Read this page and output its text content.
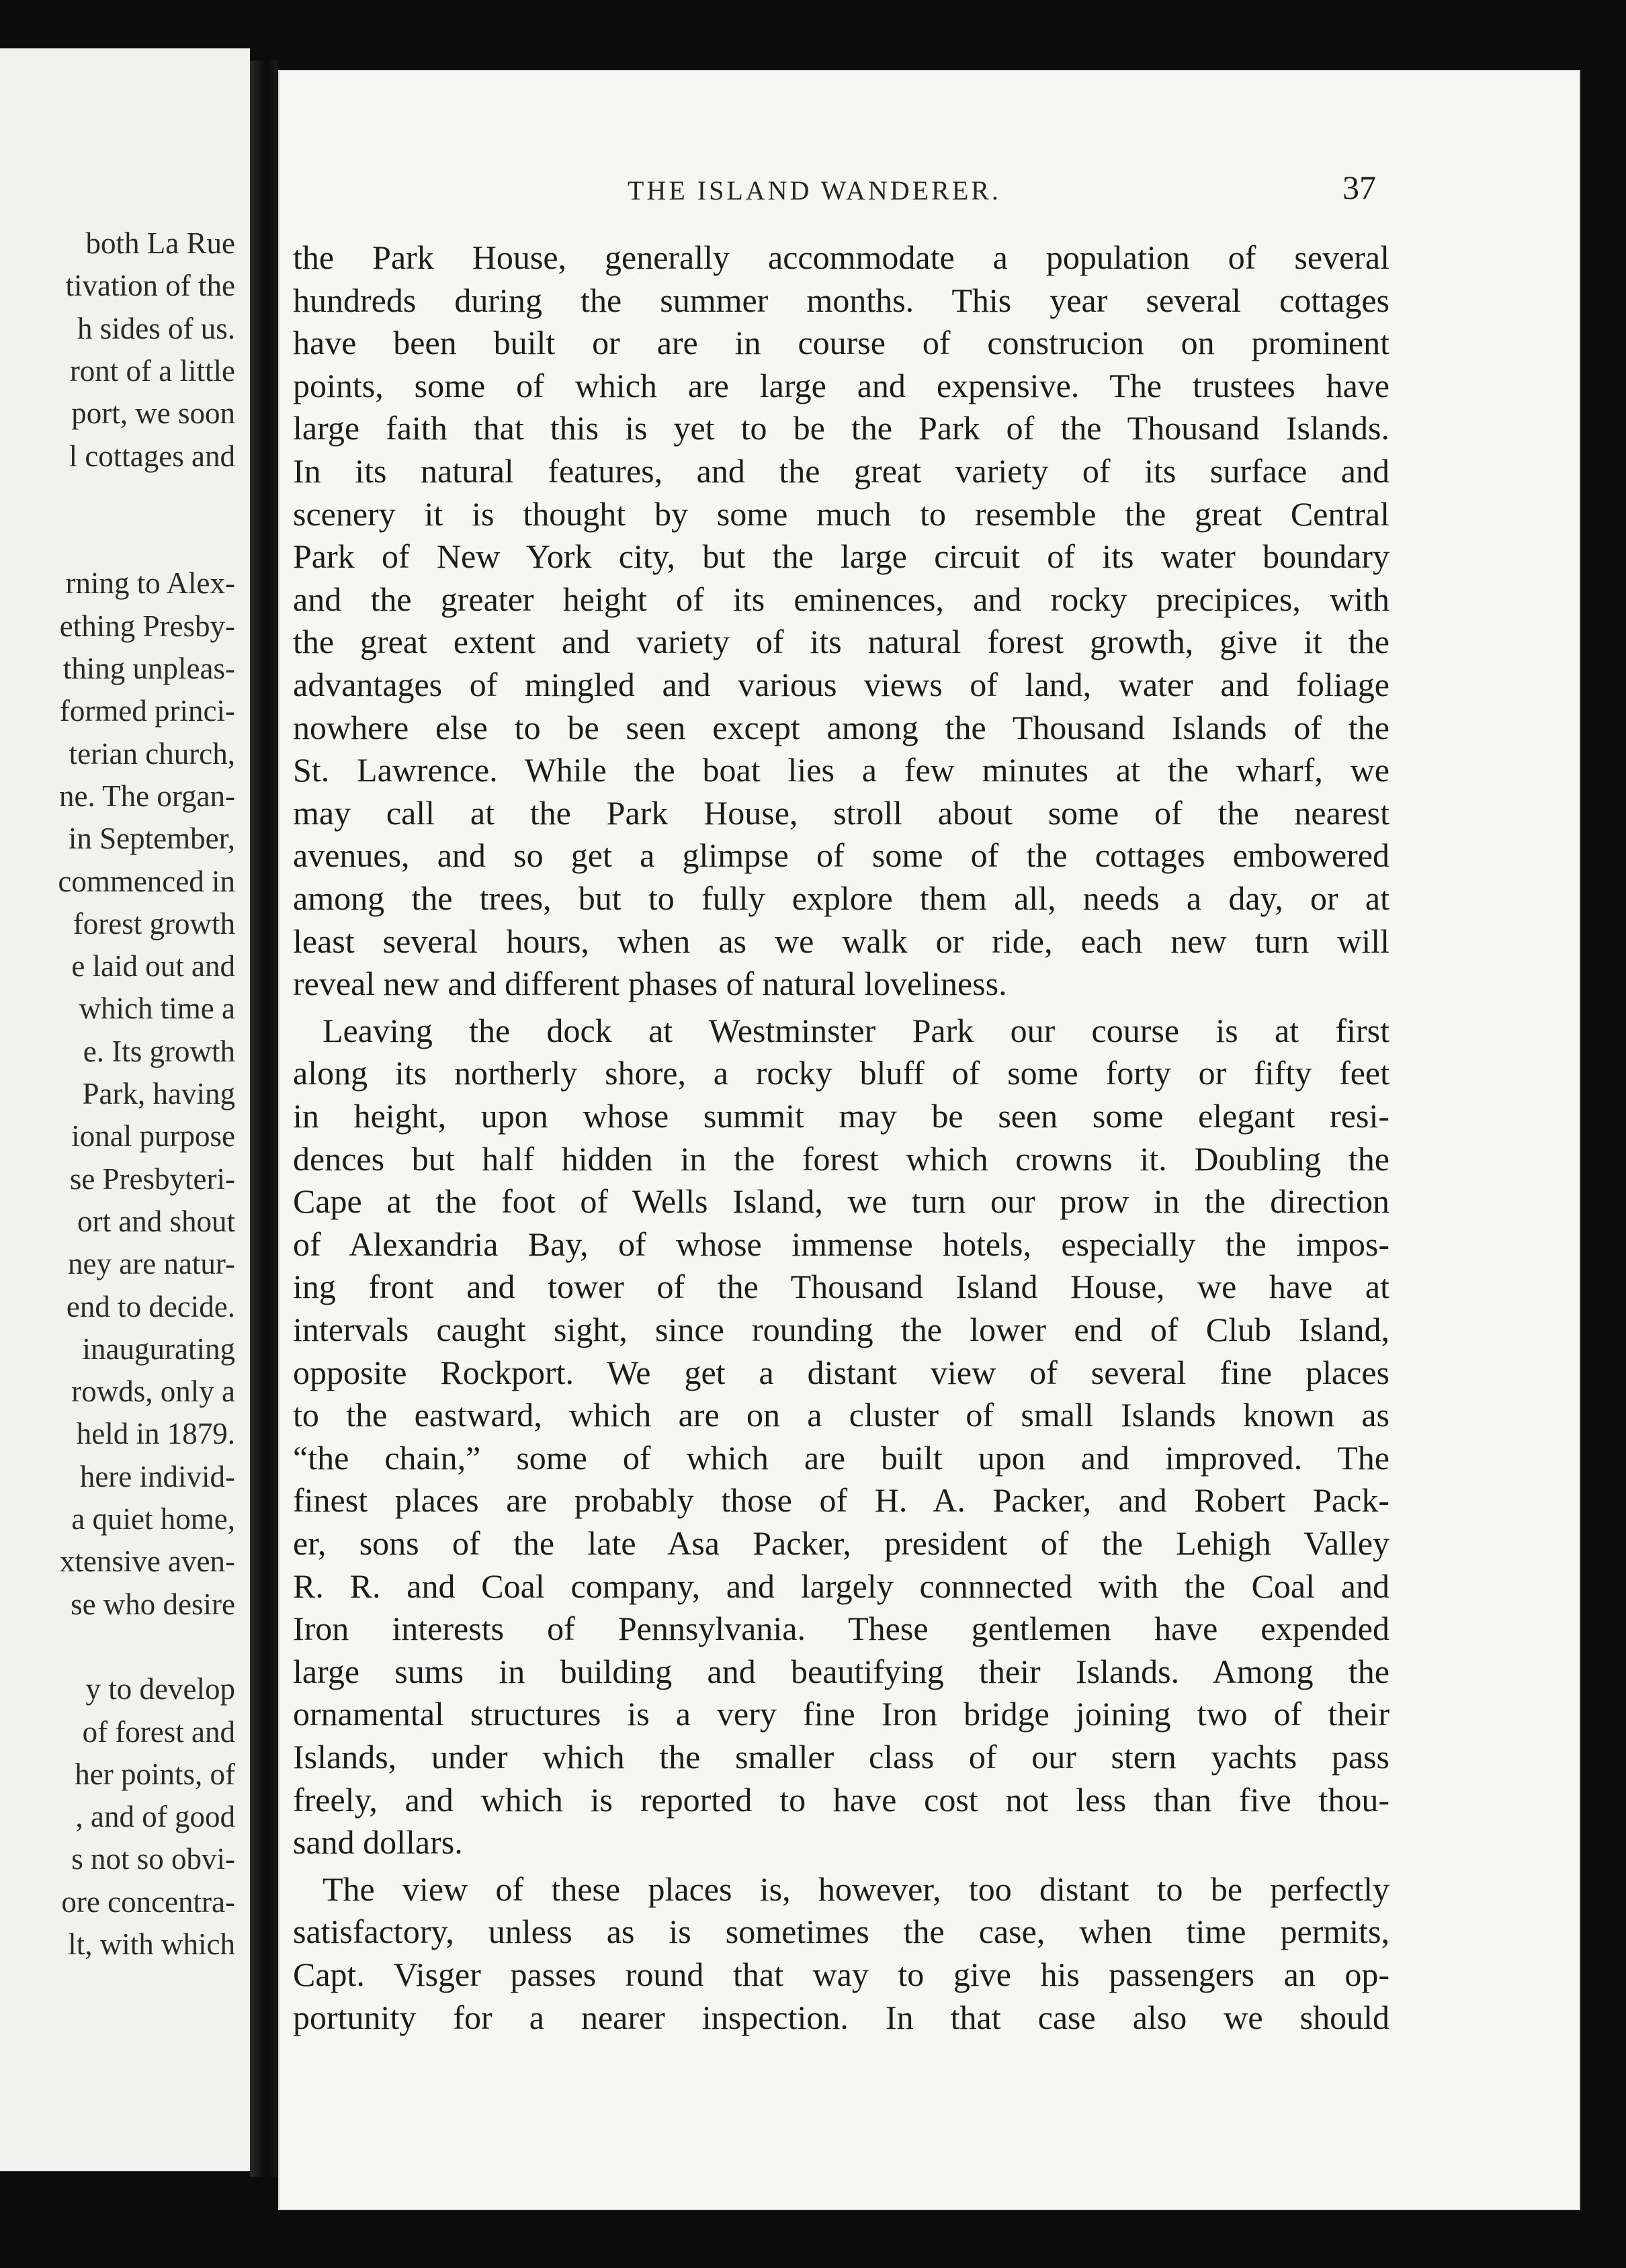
both La Rue
tivation of the
h sides of us.
ront of a little
port, we soon
l cottages and
rning to Alex-
ething Presby-
thing unpleas-
formed princi-
terian church,
ne. The organ-
in September,
commenced in
forest growth
e laid out and
which time a
e. Its growth
Park, having
ional purpose
se Presbyteri-
ort and shout
ney are natur-
end to decide.
inaugurating
rowds, only a
held in 1879.
here individ-
a quiet home,
xtensive aven-
se who desire
y to develop
of forest and
her points, of
, and of good
s not so obvi-
ore concentra-
lt, with which
THE ISLAND WANDERER.	37
the Park House, generally accommodate a population of several
hundreds during the summer months. This year several cottages
have been built or are in course of construcion on prominent
points, some of which are large and expensive. The trustees have
large faith that this is yet to be the Park of the Thousand Islands.
In its natural features, and the great variety of its surface and
scenery it is thought by some much to resemble the great Central
Park of New York city, but the large circuit of its water boundary
and the greater height of its eminences, and rocky precipices, with
the great extent and variety of its natural forest growth, give it the
advantages of mingled and various views of land, water and foliage
nowhere else to be seen except among the Thousand Islands of the
St. Lawrence. While the boat lies a few minutes at the wharf, we
may call at the Park House, stroll about some of the nearest
avenues, and so get a glimpse of some of the cottages embowered
among the trees, but to fully explore them all, needs a day, or at
least several hours, when as we walk or ride, each new turn will
reveal new and different phases of natural loveliness.
Leaving the dock at Westminster Park our course is at first
along its northerly shore, a rocky bluff of some forty or fifty feet
in height, upon whose summit may be seen some elegant resi-
dences but half hidden in the forest which crowns it. Doubling the
Cape at the foot of Wells Island, we turn our prow in the direction
of Alexandria Bay, of whose immense hotels, especially the impos-
ing front and tower of the Thousand Island House, we have at
intervals caught sight, since rounding the lower end of Club Island,
opposite Rockport. We get a distant view of several fine places
to the eastward, which are on a cluster of small Islands known as
“the chain,” some of which are built upon and improved. The
finest places are probably those of H. A. Packer, and Robert Pack-
er, sons of the late Asa Packer, president of the Lehigh Valley
R. R. and Coal company, and largely connnected with the Coal and
Iron interests of Pennsylvania. These gentlemen have expended
large sums in building and beautifying their Islands. Among the
ornamental structures is a very fine Iron bridge joining two of their
Islands, under which the smaller class of our stern yachts pass
freely, and which is reported to have cost not less than five thou-
sand dollars.
The view of these places is, however, too distant to be perfectly
satisfactory, unless as is sometimes the case, when time permits,
Capt. Visger passes round that way to give his passengers an op-
portunity for a nearer inspection. In that case also we should
